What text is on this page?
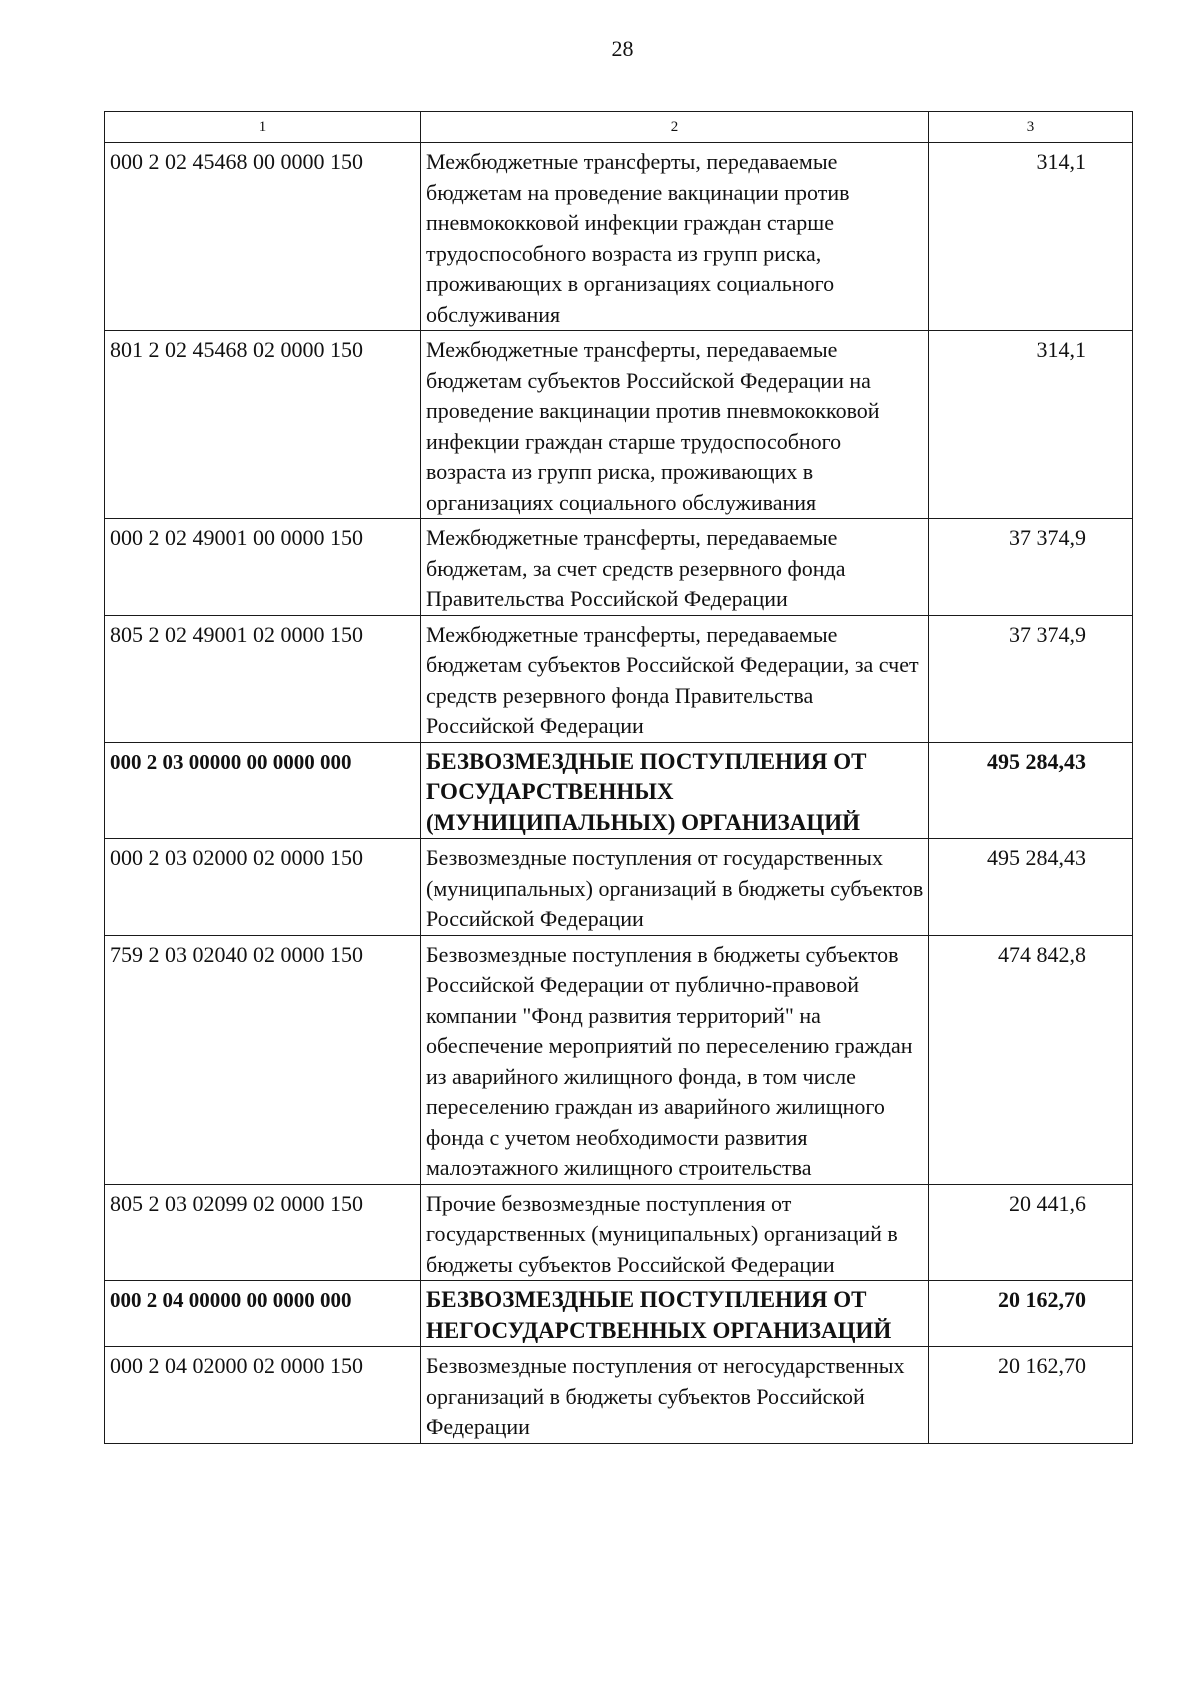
28
1	2	3
000 2 02 45468 00 0000 150	Межбюджетные трансферты, передаваемые бюджетам на проведение вакцинации против пневмококковой инфекции граждан старше трудоспособного возраста из групп риска, проживающих в организациях социального обслуживания	314,1
801 2 02 45468 02 0000 150	Межбюджетные трансферты, передаваемые бюджетам субъектов Российской Федерации на проведение вакцинации против пневмококковой инфекции граждан старше трудоспособного возраста из групп риска, проживающих в организациях социального обслуживания	314,1
000 2 02 49001 00 0000 150	Межбюджетные трансферты, передаваемые бюджетам, за счет средств резервного фонда Правительства Российской Федерации	37 374,9
805 2 02 49001 02 0000 150	Межбюджетные трансферты, передаваемые бюджетам субъектов Российской Федерации, за счет средств резервного фонда Правительства Российской Федерации	37 374,9
000 2 03 00000 00 0000 000	БЕЗВОЗМЕЗДНЫЕ ПОСТУПЛЕНИЯ ОТ ГОСУДАРСТВЕННЫХ (МУНИЦИПАЛЬНЫХ) ОРГАНИЗАЦИЙ	495 284,43
000 2 03 02000 02 0000 150	Безвозмездные поступления от государственных (муниципальных) организаций в бюджеты субъектов Российской Федерации	495 284,43
759 2 03 02040 02 0000 150	Безвозмездные поступления в бюджеты субъектов Российской Федерации от публично-правовой компании "Фонд развития территорий" на обеспечение мероприятий по переселению граждан из аварийного жилищного фонда, в том числе переселению граждан из аварийного жилищного фонда с учетом необходимости развития малоэтажного жилищного строительства	474 842,8
805 2 03 02099 02 0000 150	Прочие безвозмездные поступления от государственных (муниципальных) организаций в бюджеты субъектов Российской Федерации	20 441,6
000 2 04 00000 00 0000 000	БЕЗВОЗМЕЗДНЫЕ ПОСТУПЛЕНИЯ ОТ НЕГОСУДАРСТВЕННЫХ ОРГАНИЗАЦИЙ	20 162,70
000 2 04 02000 02 0000 150	Безвозмездные поступления от негосударственных организаций в бюджеты субъектов Российской Федерации	20 162,70
